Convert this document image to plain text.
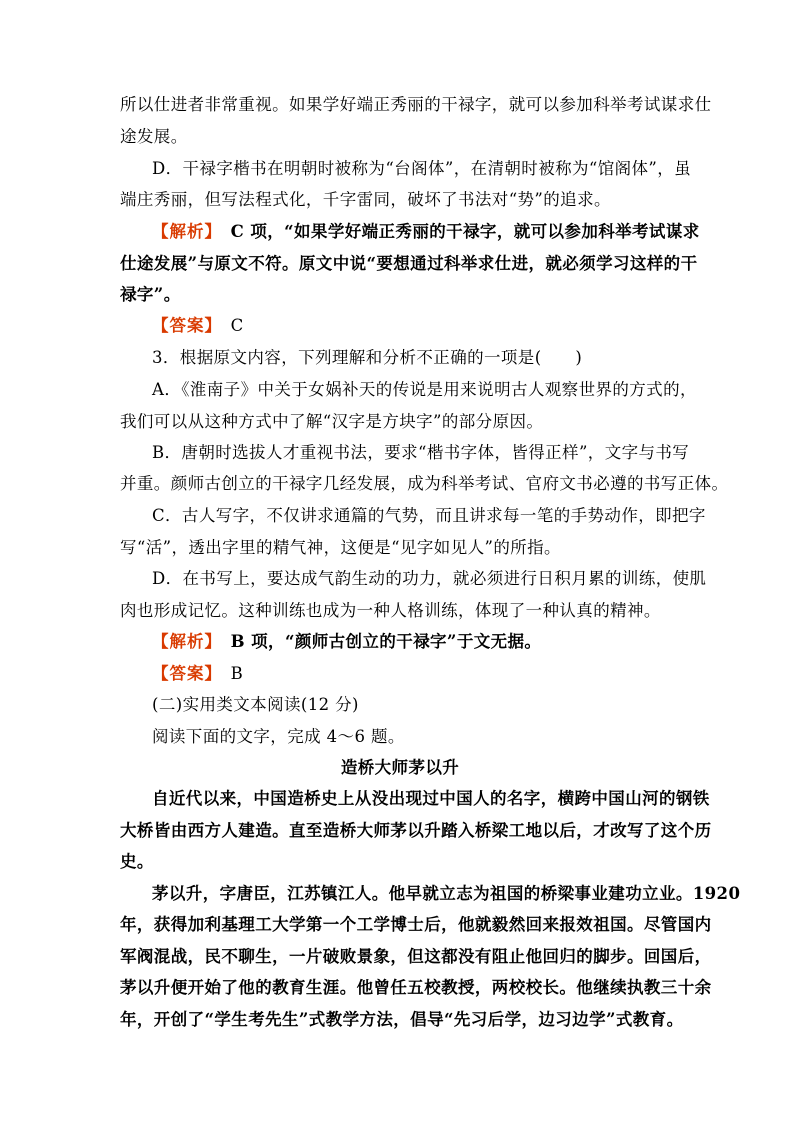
所以仕进者非常重视。如果学好端正秀丽的干禄字，就可以参加科举考试谋求仕
途发展。
D．干禄字楷书在明朝时被称为“台阁体”，在清朝时被称为“馆阁体”，虽
端庄秀丽，但写法程式化，千字雷同，破坏了书法对“势”的追求。
【解析】　C 项，“如果学好端正秀丽的干禄字，就可以参加科举考试谋求
仕途发展”与原文不符。原文中说“要想通过科举求仕进，就必须学习这样的干
禄字”。
【答案】　C
3．根据原文内容，下列理解和分析不正确的一项是(　　)
A．《淮南子》中关于女娲补天的传说是用来说明古人观察世界的方式的，
我们可以从这种方式中了解“汉字是方块字”的部分原因。
B．唐朝时选拔人才重视书法，要求“楷书字体，皆得正样”，文字与书写
并重。颜师古创立的干禄字几经发展，成为科举考试、官府文书必遵的书写正体。
C．古人写字，不仅讲求通篇的气势，而且讲求每一笔的手势动作，即把字
写“活”，透出字里的精气神，这便是“见字如见人”的所指。
D．在书写上，要达成气韵生动的功力，就必须进行日积月累的训练，使肌
肉也形成记忆。这种训练也成为一种人格训练，体现了一种认真的精神。
【解析】　B 项，“颜师古创立的干禄字”于文无据。
【答案】　B
(二)实用类文本阅读(12 分)
阅读下面的文字，完成 4～6 题。
造桥大师茅以升
自近代以来，中国造桥史上从没出现过中国人的名字，横跨中国山河的钢铁
大桥皆由西方人建造。直至造桥大师茅以升踏入桥梁工地以后，才改写了这个历
史。
茅以升，字唐臣，江苏镇江人。他早就立志为祖国的桥梁事业建功立业。1920
年，获得加利基理工大学第一个工学博士后，他就毅然回来报效祖国。尽管国内
军阀混战，民不聊生，一片破败景象，但这都没有阻止他回归的脚步。回国后，
茅以升便开始了他的教育生涯。他曾任五校教授，两校校长。他继续执教三十余
年，开创了“学生考先生”式教学方法，倡导“先习后学，边习边学”式教育。
